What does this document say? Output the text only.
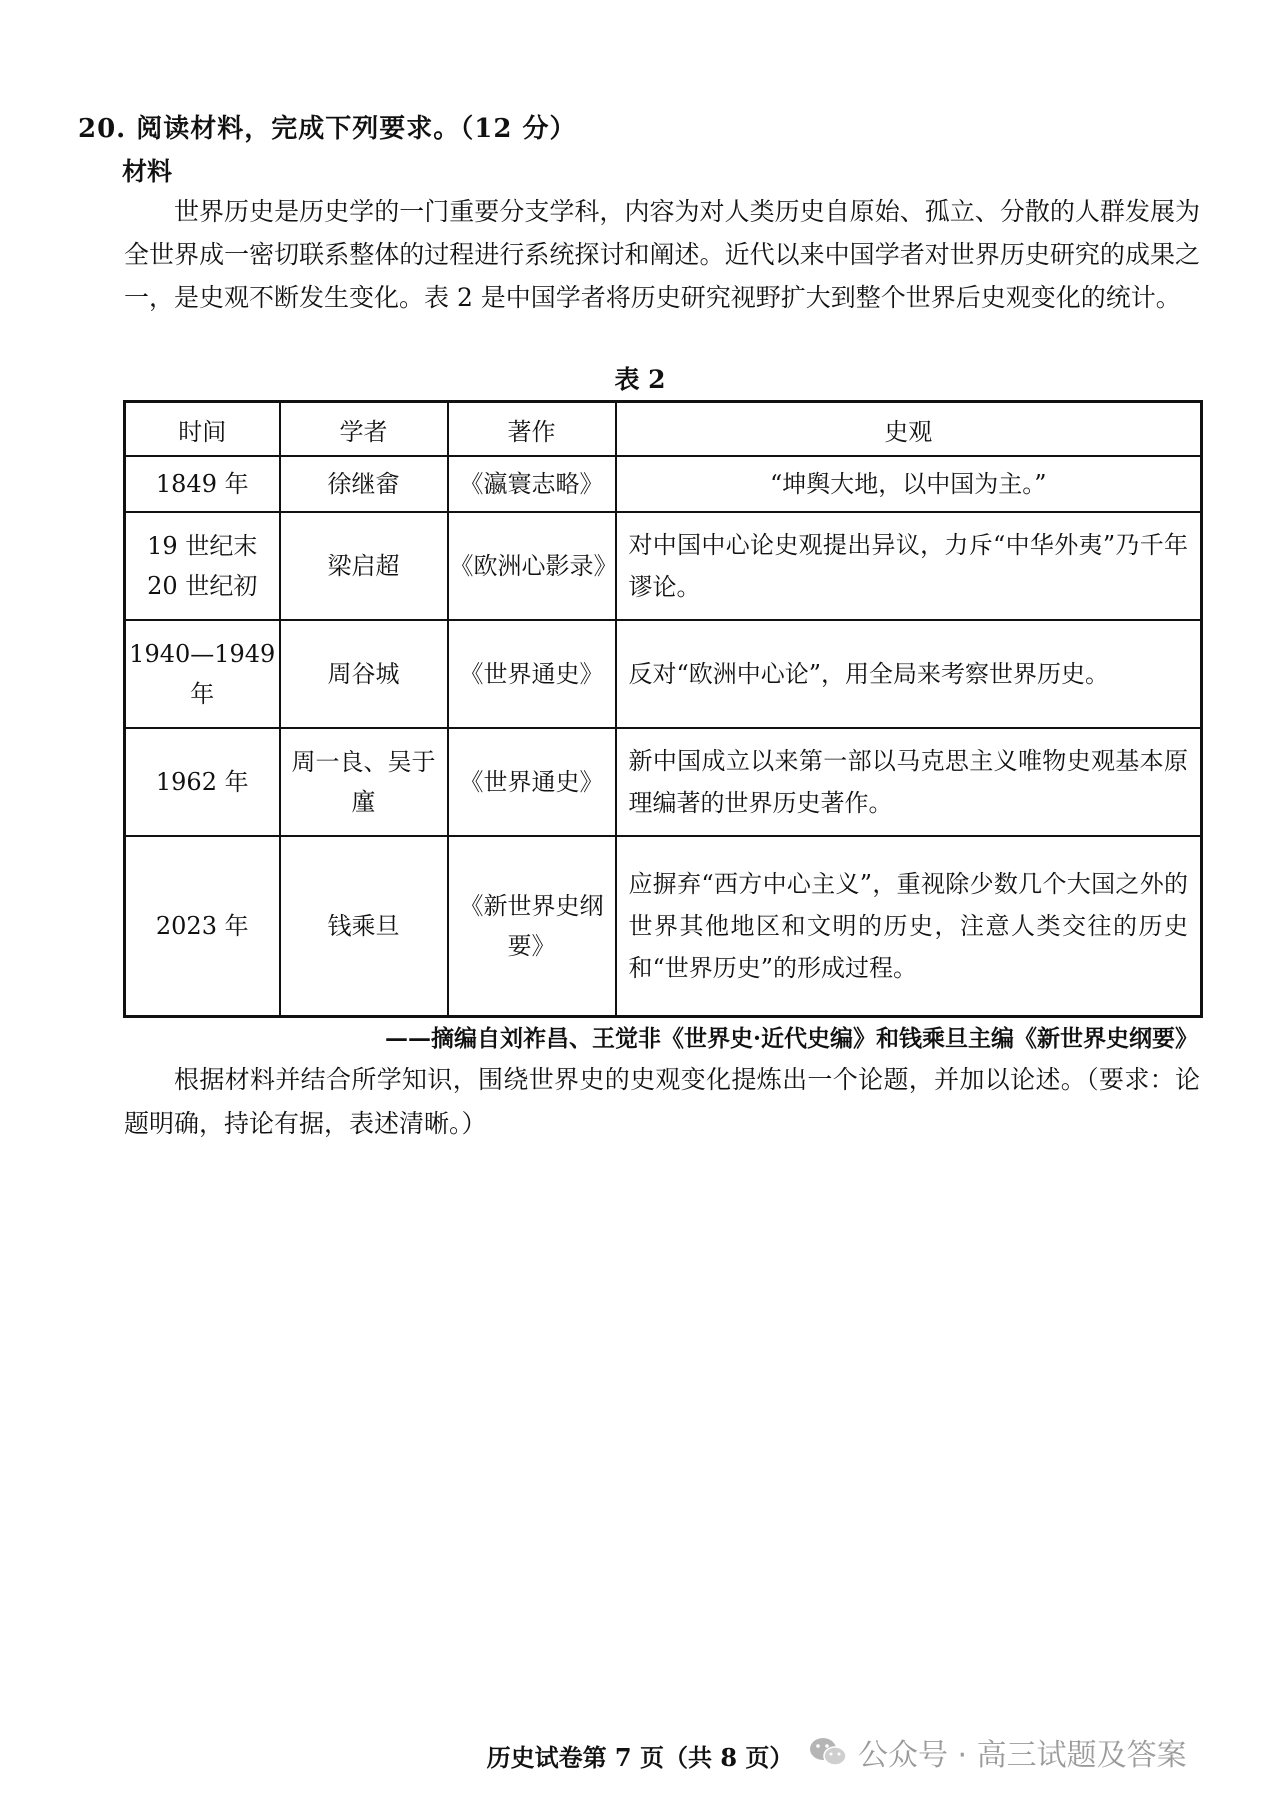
20. 阅读材料，完成下列要求。（12 分）
材料
世界历史是历史学的一门重要分支学科，内容为对人类历史自原始、孤立、分散的人群发展为全世界成一密切联系整体的过程进行系统探讨和阐述。近代以来中国学者对世界历史研究的成果之一，是史观不断发生变化。表 2 是中国学者将历史研究视野扩大到整个世界后史观变化的统计。
表 2
时间	学者	著作	史观
1849 年	徐继畲	《瀛寰志略》	“坤舆大地，以中国为主。”
19 世纪末 20 世纪初	梁启超	《欧洲心影录》	对中国中心论史观提出异议，力斥“中华外夷”乃千年谬论。
1940—1949 年	周谷城	《世界通史》	反对“欧洲中心论”，用全局来考察世界历史。
1962 年	周一良、吴于廑	《世界通史》	新中国成立以来第一部以马克思主义唯物史观基本原理编著的世界历史著作。
2023 年	钱乘旦	《新世界史纲要》	应摒弃“西方中心主义”，重视除少数几个大国之外的世界其他地区和文明的历史，注意人类交往的历史和“世界历史”的形成过程。
——摘编自刘祚昌、王觉非《世界史·近代史编》和钱乘旦主编《新世界史纲要》
根据材料并结合所学知识，围绕世界史的史观变化提炼出一个论题，并加以论述。（要求：论题明确，持论有据，表述清晰。）
历史试卷第 7 页（共 8 页）	公众号 · 高三试题及答案
